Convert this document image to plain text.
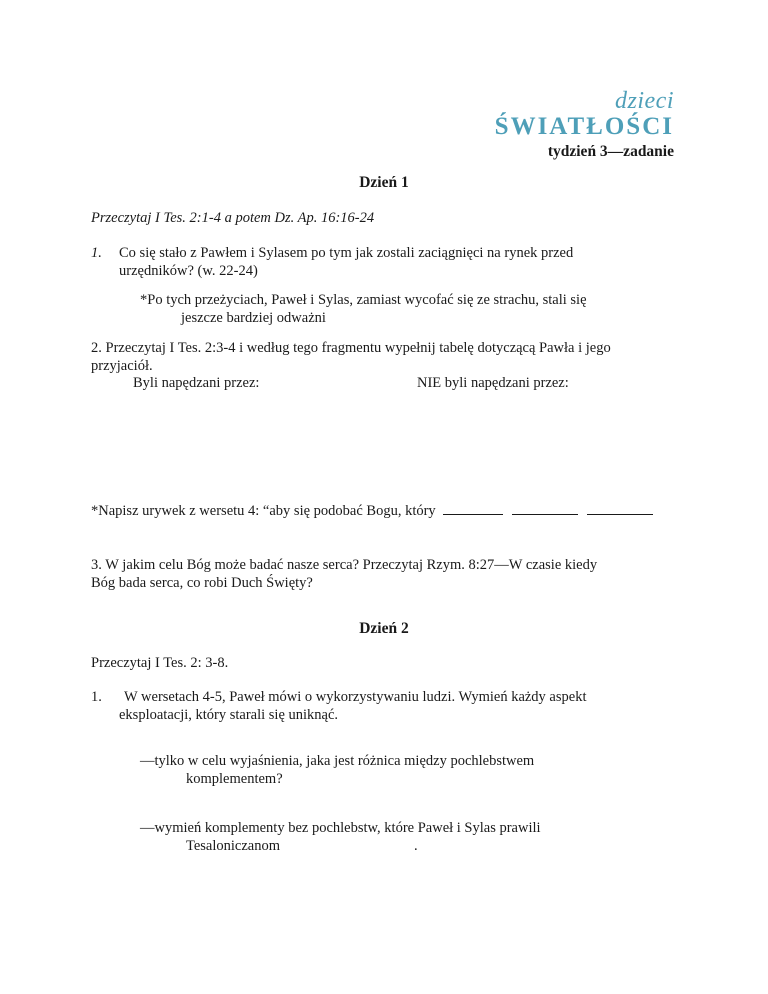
dzieci
ŚWIATŁOŚCI
tydzień 3—zadanie
Dzień 1
Przeczytaj I Tes. 2:1-4 a potem Dz. Ap. 16:16-24
1. Co się stało z Pawłem i Sylasem po tym jak zostali zaciągnięci na rynek przed
urzędników? (w. 22-24)
*Po tych przeżyciach, Paweł i Sylas, zamiast wycofać się ze strachu, stali się
jeszcze bardziej odważni
2. Przeczytaj I Tes. 2:3-4 i według tego fragmentu wypełnij tabelę dotyczącą Pawła i jego
przyjaciół.
Byli napędzani przez:	NIE byli napędzani przez:
*Napisz urywek z wersetu 4: “aby się podobać Bogu, który
3. W jakim celu Bóg może badać nasze serca? Przeczytaj Rzym. 8:27—W czasie kiedy
Bóg bada serca, co robi Duch Święty?
Dzień 2
Przeczytaj I Tes. 2: 3-8.
1. W wersetach 4-5, Paweł mówi o wykorzystywaniu ludzi. Wymień każdy aspekt
eksploatacji, który starali się uniknąć.
—tylko w celu wyjaśnienia, jaka jest różnica między pochlebstwem
komplementem?
—wymień komplementy bez pochlebstw, które Paweł i Sylas prawili
Tesaloniczanom	.
